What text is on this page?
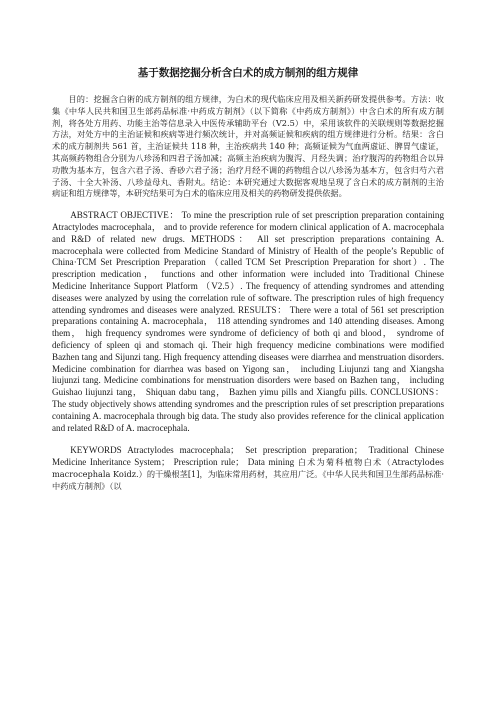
基于数据挖掘分析含白术的成方制剂的组方规律

目的：挖掘含白術的成方制剂的组方规律，为白术的现代临床应用及相关新药研发提供参考。方法：收集《中华人民共和国卫生部药品标准·中药成方制剂》（以下简称《中药成方制剂》）中含白术的所有成方制剂，将各处方用药、功能主治等信息录入中医传承辅助平台（V2.5）中，采用该软件的关联规则等数据挖掘方法，对处方中的主治证候和疾病等进行频次统计，并对高频证候和疾病的组方规律进行分析。结果：含白术的成方制剂共 561 首，主治证候共 118 种，主治疾病共 140 种；高频证候为气血两虚证、脾胃气虚证，其高频药物组合分别为八珍汤和四君子汤加减；高频主治疾病为腹泻、月经失调；治疗腹泻的药物组合以异功散为基本方，包含六君子汤、香砂六君子汤；治疗月经不调的药物组合以八珍汤为基本方，包含归芍六君子汤、十全大补汤、八珍益母丸、香附丸。结论：本研究通过大数据客观地呈现了含白术的成方制剂的主治病证和组方规律等，本研究结果可为白术的临床应用及相关的药物研发提供依据。

ABSTRACT OBJECTIVE： To mine the prescription rule of set prescription preparation containing Atractylodes macrocephala， and to provide reference for modern clinical application of A. macrocephala and R&D of related new drugs. METHODS： All set prescription preparations containing A. macrocephala were collected from Medicine Standard of Ministry of Health of the people’s Republic of China·TCM Set Prescription Preparation （called TCM Set Prescription Preparation for short）. The prescription medication， functions and other information were included into Traditional Chinese Medicine Inheritance Support Platform （V2.5）. The frequency of attending syndromes and attending diseases were analyzed by using the correlation rule of software. The prescription rules of high frequency attending syndromes and diseases were analyzed. RESULTS： There were a total of 561 set prescription preparations containing A. macrocephala， 118 attending syndromes and 140 attending diseases. Among them， high frequency syndromes were syndrome of deficiency of both qi and blood， syndrome of deficiency of spleen qi and stomach qi. Their high frequency medicine combinations were modified Bazhen tang and Sijunzi tang. High frequency attending diseases were diarrhea and menstruation disorders. Medicine combination for diarrhea was based on Yigong san， including Liujunzi tang and Xiangsha liujunzi tang. Medicine combinations for menstruation disorders were based on Bazhen tang， including Guishao liujunzi tang， Shiquan dabu tang， Bazhen yimu pills and Xiangfu pills. CONCLUSIONS： The study objectively shows attending syndromes and the prescription rules of set prescription preparations containing A. macrocephala through big data. The study also provides reference for the clinical application and related R&D of A. macrocephala.

KEYWORDS Atractylodes macrocephala； Set prescription preparation； Traditional Chinese Medicine Inheritance System； Prescription rule； Data mining 白术为菊科植物白术（Atractylodes macrocephala Koidz.）的干燥根茎[1]，为临床常用药材，其应用广泛。《中华人民共和国卫生部药品标准·中药成方制剂》（以
